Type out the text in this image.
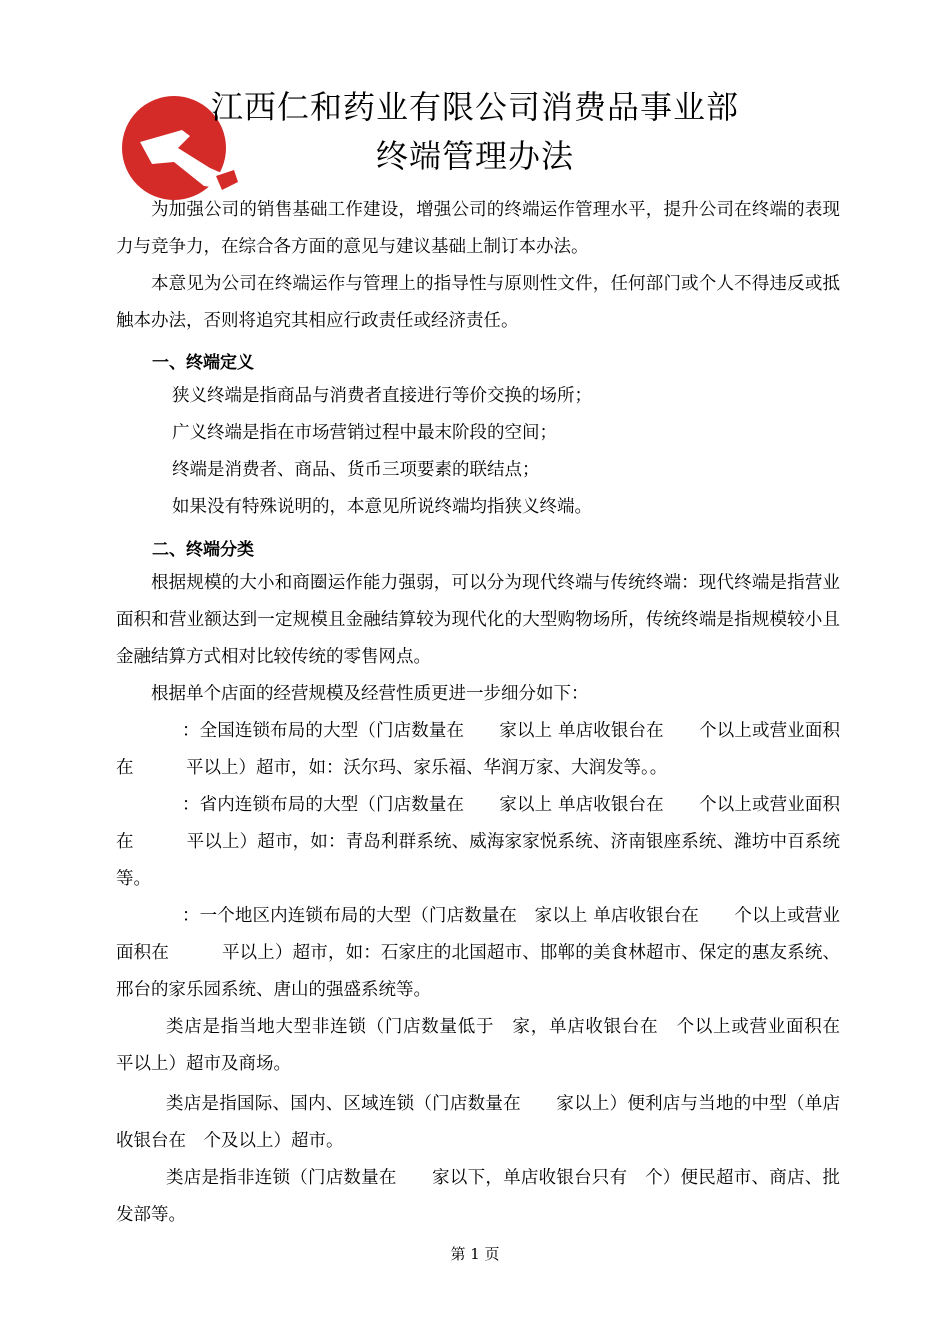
江西仁和药业有限公司消费品事业部
终端管理办法
为加强公司的销售基础工作建设，增强公司的终端运作管理水平，提升公司在终端的表现力与竞争力，在综合各方面的意见与建议基础上制订本办法。
本意见为公司在终端运作与管理上的指导性与原则性文件，任何部门或个人不得违反或抵触本办法，否则将追究其相应行政责任或经济责任。
一、终端定义
狭义终端是指商品与消费者直接进行等价交换的场所；
广义终端是指在市场营销过程中最末阶段的空间；
终端是消费者、商品、货币三项要素的联结点；
如果没有特殊说明的，本意见所说终端均指狭义终端。
二、终端分类
根据规模的大小和商圈运作能力强弱，可以分为现代终端与传统终端：现代终端是指营业面积和营业额达到一定规模且金融结算较为现代化的大型购物场所，传统终端是指规模较小且金融结算方式相对比较传统的零售网点。
根据单个店面的经营规模及经营性质更进一步细分如下：
：全国连锁布局的大型（门店数量在　　家以上 单店收银台在　　个以上或营业面积在　　　平以上）超市，如：沃尔玛、家乐福、华润万家、大润发等。。
：省内连锁布局的大型（门店数量在　　家以上 单店收银台在　　个以上或营业面积在　　　平以上）超市，如：青岛利群系统、威海家家悦系统、济南银座系统、潍坊中百系统等。
：一个地区内连锁布局的大型（门店数量在　家以上 单店收银台在　　个以上或营业面积在　　　平以上）超市，如：石家庄的北国超市、邯郸的美食林超市、保定的惠友系统、邢台的家乐园系统、唐山的强盛系统等。
类店是指当地大型非连锁（门店数量低于　家，单店收银台在　个以上或营业面积在　　　平以上）超市及商场。
类店是指国际、国内、区域连锁（门店数量在　　家以上）便利店与当地的中型（单店收银台在　个及以上）超市。
类店是指非连锁（门店数量在　　家以下，单店收银台只有　个）便民超市、商店、批发部等。
第 1 页
